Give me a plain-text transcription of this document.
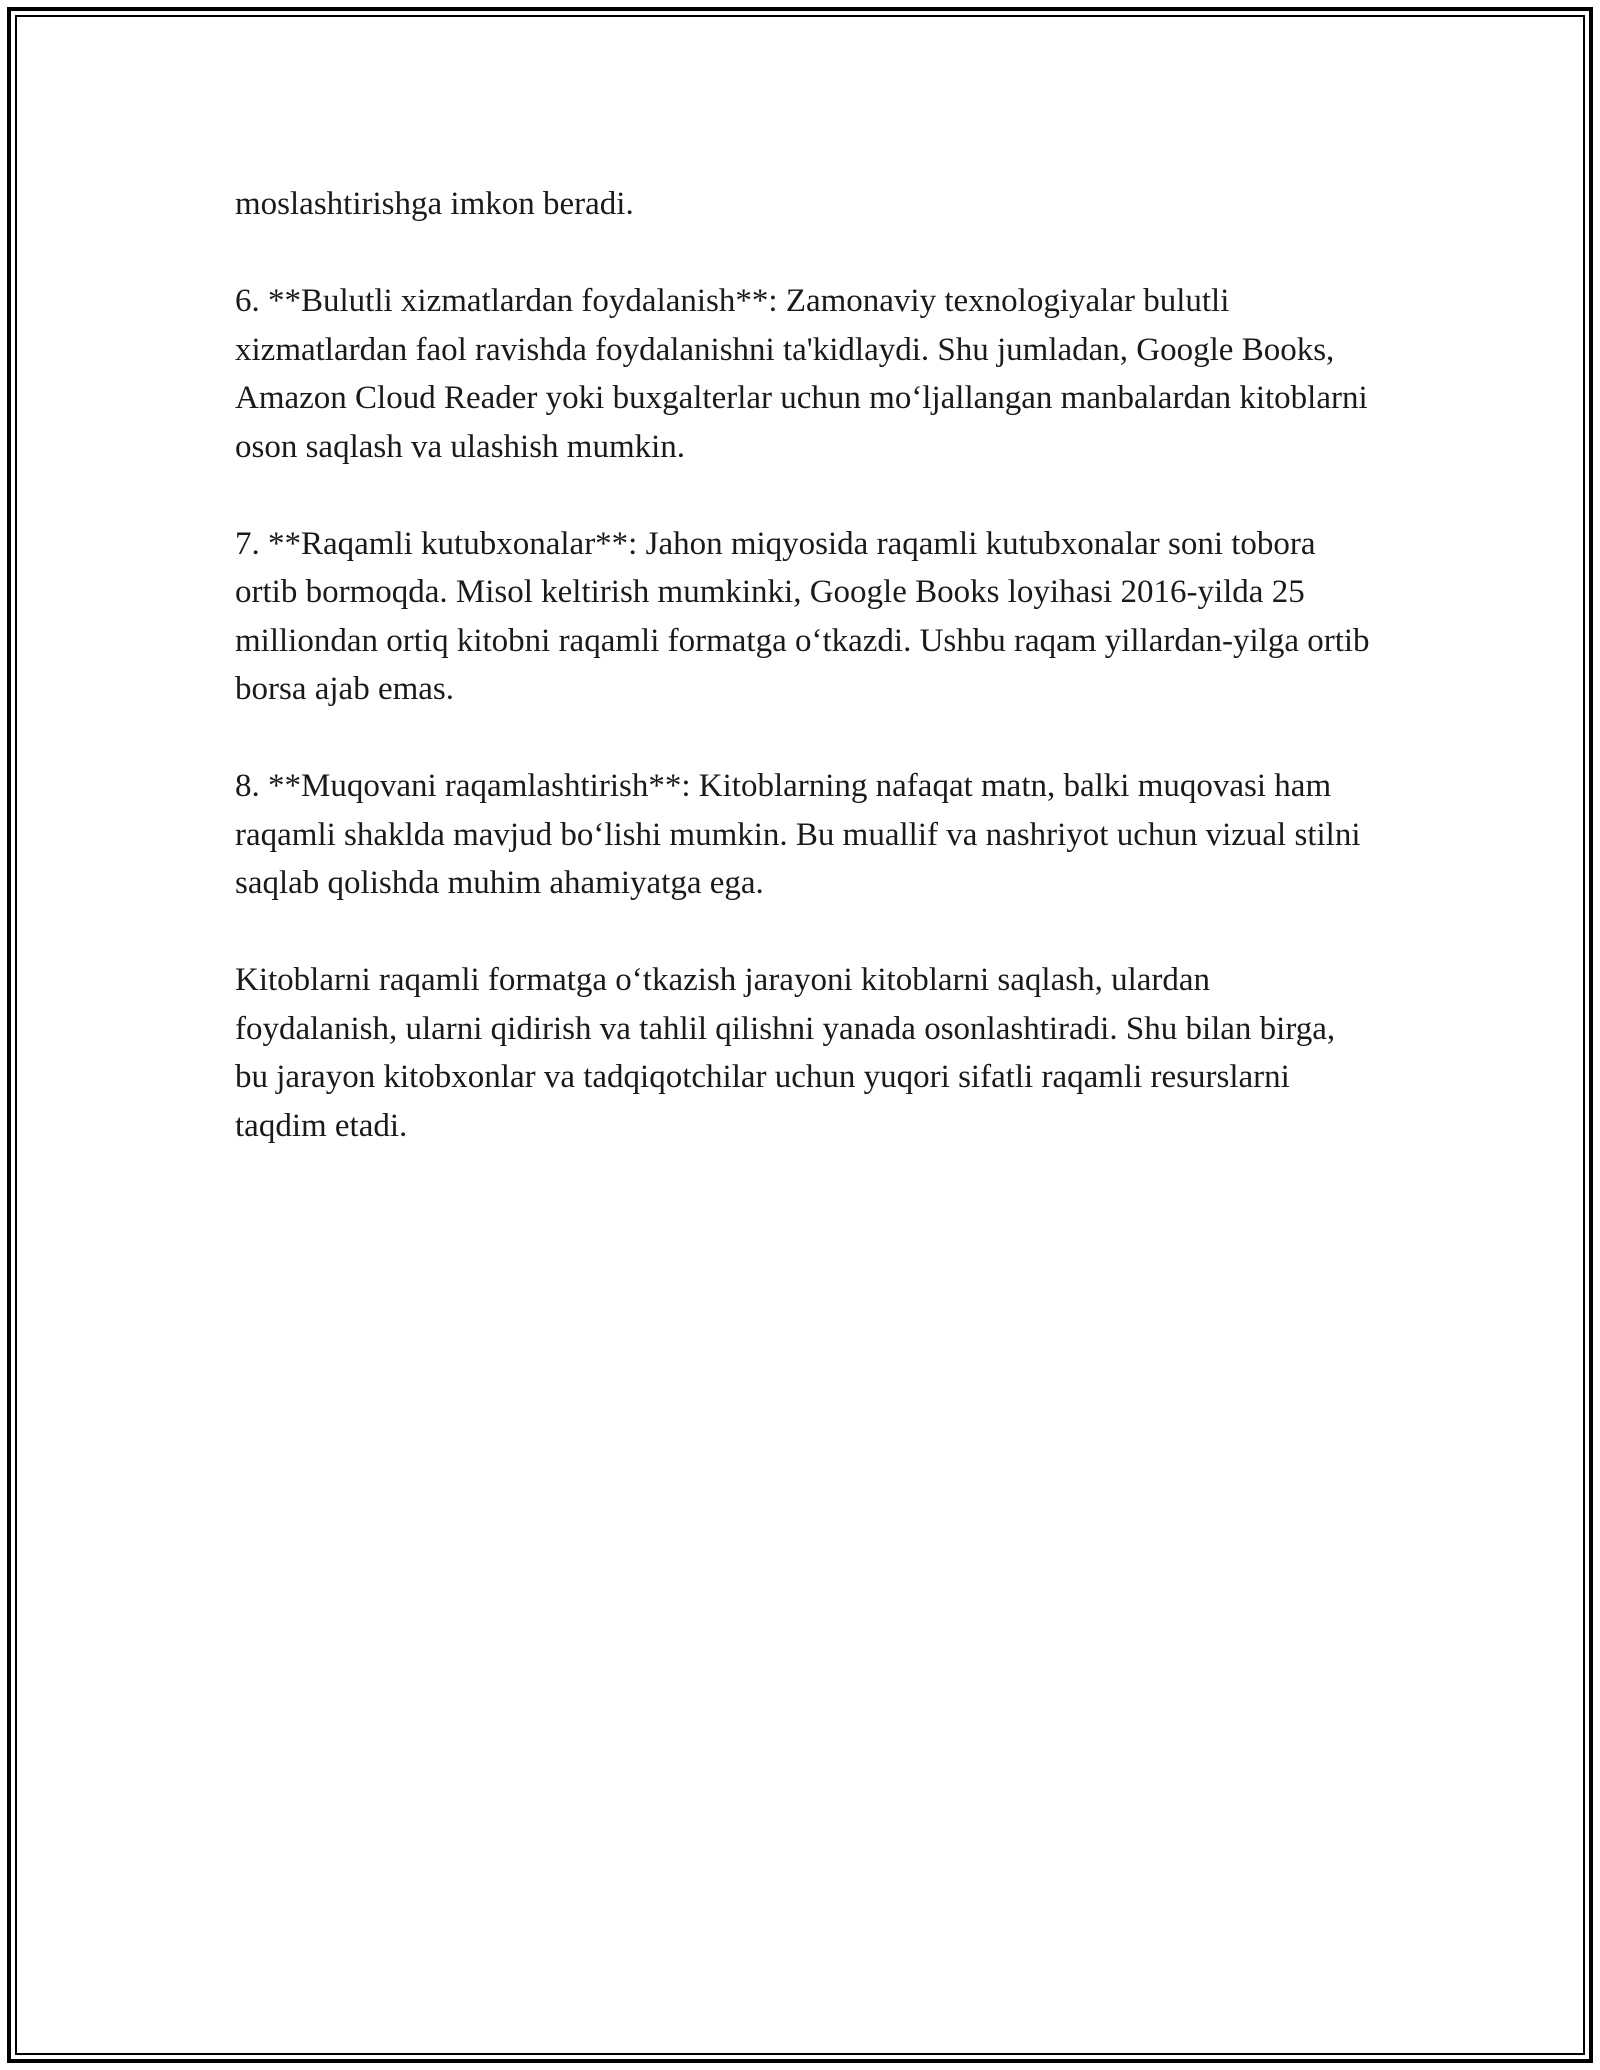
moslashtirishga imkon beradi.

6. **Bulutli xizmatlardan foydalanish**: Zamonaviy texnologiyalar bulutli xizmatlardan faol ravishda foydalanishni ta'kidlaydi. Shu jumladan, Google Books, Amazon Cloud Reader yoki buxgalterlar uchun mo‘ljallangan manbalardan kitoblarni oson saqlash va ulashish mumkin.

7. **Raqamli kutubxonalar**: Jahon miqyosida raqamli kutubxonalar soni tobora ortib bormoqda. Misol keltirish mumkinki, Google Books loyihasi 2016-yilda 25 milliondan ortiq kitobni raqamli formatga o‘tkazdi. Ushbu raqam yillardan-yilga ortib borsa ajab emas.

8. **Muqovani raqamlashtirish**: Kitoblarning nafaqat matn, balki muqovasi ham raqamli shaklda mavjud bo‘lishi mumkin. Bu muallif va nashriyot uchun vizual stilni saqlab qolishda muhim ahamiyatga ega.

Kitoblarni raqamli formatga o‘tkazish jarayoni kitoblarni saqlash, ulardan foydalanish, ularni qidirish va tahlil qilishni yanada osonlashtiradi. Shu bilan birga, bu jarayon kitobxonlar va tadqiqotchilar uchun yuqori sifatli raqamli resurslarni taqdim etadi.
